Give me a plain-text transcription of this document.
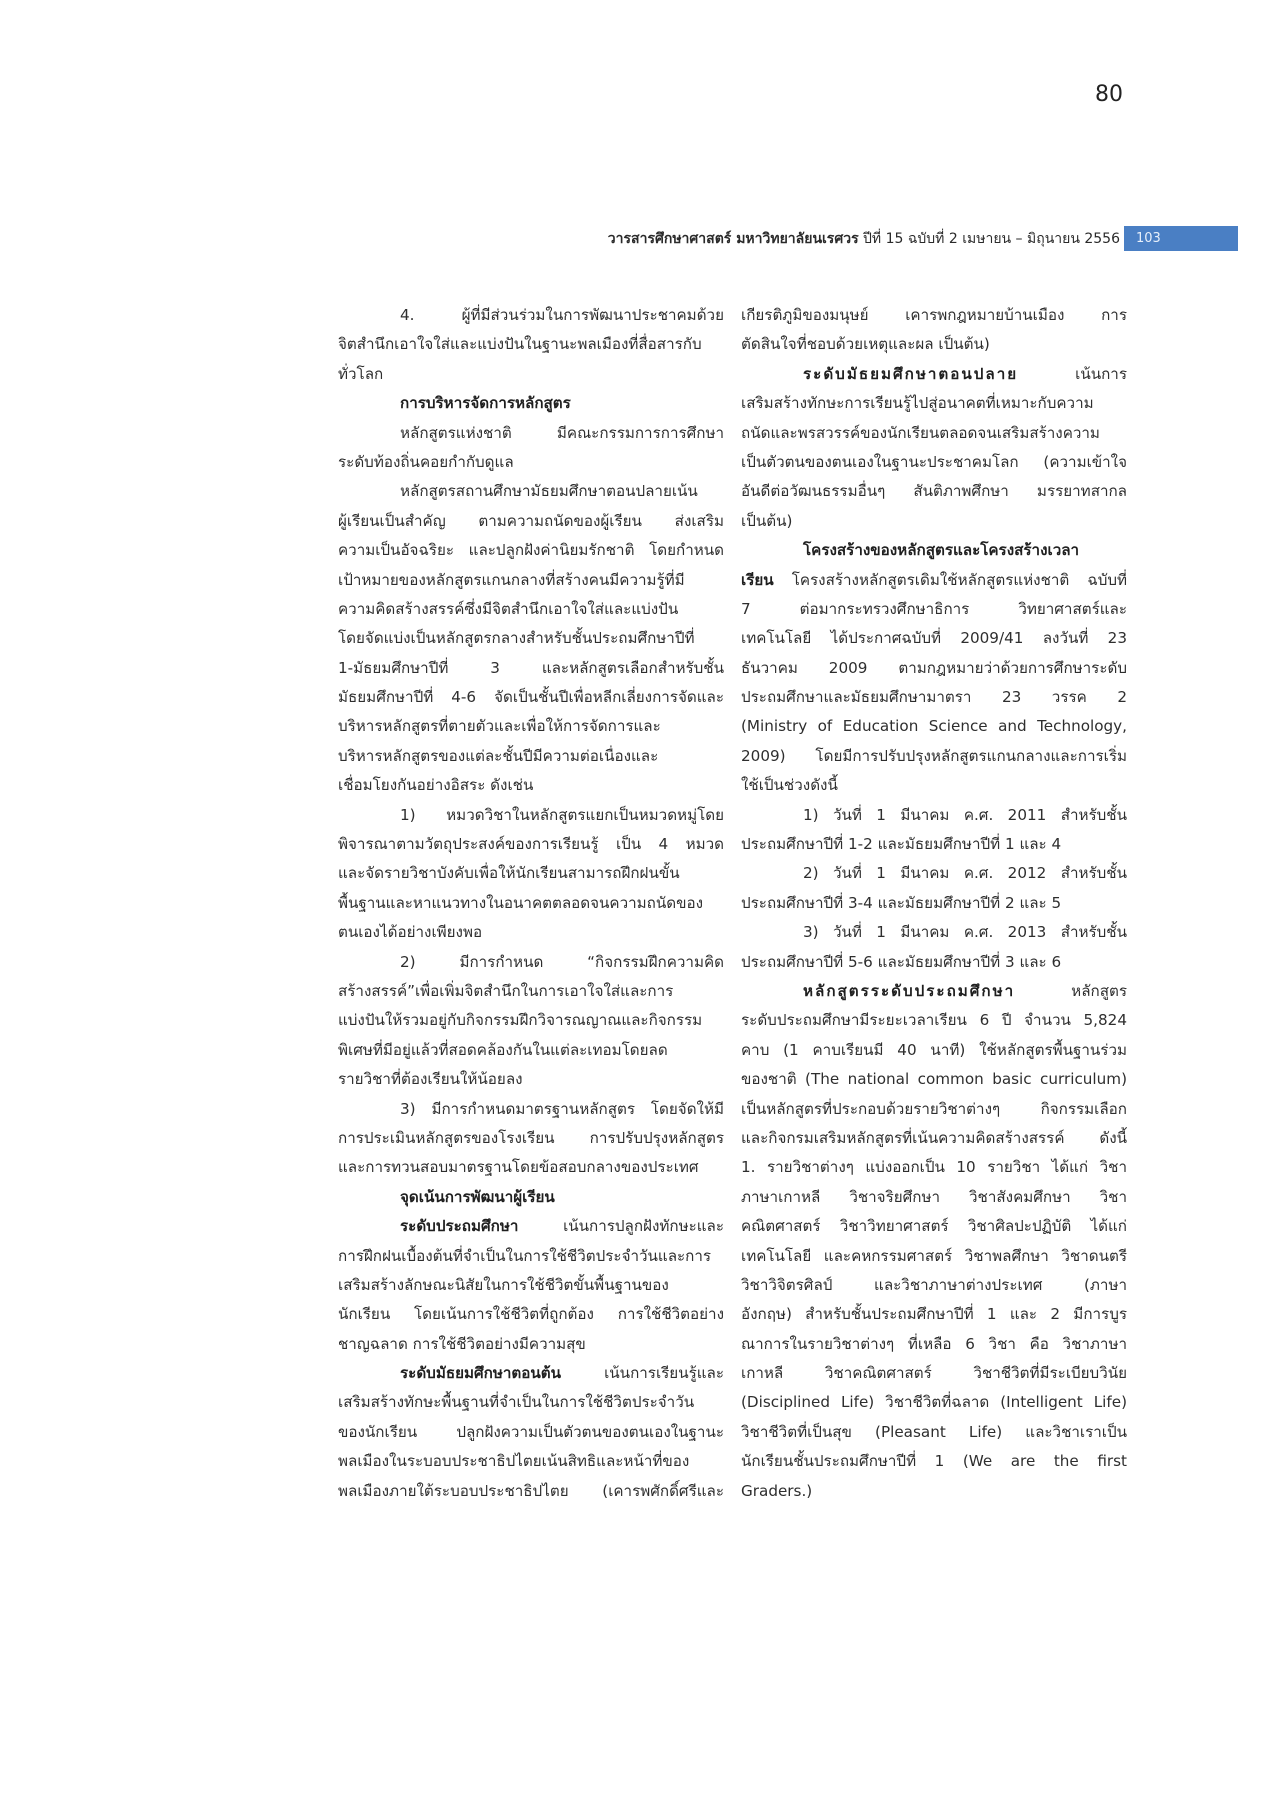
80
วารสารศึกษาศาสตร์ มหาวิทยาลัยนเรศวร ปีที่ 15 ฉบับที่ 2 เมษายน – มิถุนายน 2556	103
4. ผู้ที่มีส่วนร่วมในการพัฒนาประชาคมด้วย
จิตสำนึกเอาใจใส่และแบ่งปันในฐานะพลเมืองที่สื่อสารกับ
ทั่วโลก
การบริหารจัดการหลักสูตร
หลักสูตรแห่งชาติ มีคณะกรรมการการศึกษา
ระดับท้องถิ่นคอยกำกับดูแล
หลักสูตรสถานศึกษามัธยมศึกษาตอนปลายเน้น
ผู้เรียนเป็นสำคัญ ตามความถนัดของผู้เรียน ส่งเสริม
ความเป็นอัจฉริยะ และปลูกฝังค่านิยมรักชาติ โดยกำหนด
เป้าหมายของหลักสูตรแกนกลางที่สร้างคนมีความรู้ที่มี
ความคิดสร้างสรรค์ซึ่งมีจิตสำนึกเอาใจใส่และแบ่งปัน
โดยจัดแบ่งเป็นหลักสูตรกลางสำหรับชั้นประถมศึกษาปีที่
1-มัธยมศึกษาปีที่ 3 และหลักสูตรเลือกสำหรับชั้น
มัธยมศึกษาปีที่ 4-6 จัดเป็นชั้นปีเพื่อหลีกเลี่ยงการจัดและ
บริหารหลักสูตรที่ตายตัวและเพื่อให้การจัดการและ
บริหารหลักสูตรของแต่ละชั้นปีมีความต่อเนื่องและ
เชื่อมโยงกันอย่างอิสระ ดังเช่น
1) หมวดวิชาในหลักสูตรแยกเป็นหมวดหมู่โดย
พิจารณาตามวัตถุประสงค์ของการเรียนรู้ เป็น 4 หมวด
และจัดรายวิชาบังคับเพื่อให้นักเรียนสามารถฝึกฝนขั้น
พื้นฐานและหาแนวทางในอนาคตตลอดจนความถนัดของ
ตนเองได้อย่างเพียงพอ
2) มีการกำหนด “กิจกรรมฝึกความคิด
สร้างสรรค์”เพื่อเพิ่มจิตสำนึกในการเอาใจใส่และการ
แบ่งปันให้รวมอยู่กับกิจกรรมฝึกวิจารณญาณและกิจกรรม
พิเศษที่มีอยู่แล้วที่สอดคล้องกันในแต่ละเทอมโดยลด
รายวิชาที่ต้องเรียนให้น้อยลง
3) มีการกำหนดมาตรฐานหลักสูตร โดยจัดให้มี
การประเมินหลักสูตรของโรงเรียน การปรับปรุงหลักสูตร
และการทวนสอบมาตรฐานโดยข้อสอบกลางของประเทศ
จุดเน้นการพัฒนาผู้เรียน
ระดับประถมศึกษา เน้นการปลูกฝังทักษะและ
การฝึกฝนเบื้องต้นที่จำเป็นในการใช้ชีวิตประจำวันและการ
เสริมสร้างลักษณะนิสัยในการใช้ชีวิตขั้นพื้นฐานของ
นักเรียน โดยเน้นการใช้ชีวิตที่ถูกต้อง การใช้ชีวิตอย่าง
ชาญฉลาด การใช้ชีวิตอย่างมีความสุข
ระดับมัธยมศึกษาตอนต้น เน้นการเรียนรู้และ
เสริมสร้างทักษะพื้นฐานที่จำเป็นในการใช้ชีวิตประจำวัน
ของนักเรียน ปลูกฝังความเป็นตัวตนของตนเองในฐานะ
พลเมืองในระบอบประชาธิปไตยเน้นสิทธิและหน้าที่ของ
พลเมืองภายใต้ระบอบประชาธิปไตย (เคารพศักดิ์ศรีและ
เกียรติภูมิของมนุษย์ เคารพกฎหมายบ้านเมือง การ
ตัดสินใจที่ชอบด้วยเหตุและผล เป็นต้น)
ระดับมัธยมศึกษาตอนปลาย เน้นการ
เสริมสร้างทักษะการเรียนรู้ไปสู่อนาคตที่เหมาะกับความ
ถนัดและพรสวรรค์ของนักเรียนตลอดจนเสริมสร้างความ
เป็นตัวตนของตนเองในฐานะประชาคมโลก (ความเข้าใจ
อันดีต่อวัฒนธรรมอื่นๆ สันติภาพศึกษา มรรยาทสากล
เป็นต้น)
โครงสร้างของหลักสูตรและโครงสร้างเวลา
เรียน โครงสร้างหลักสูตรเดิมใช้หลักสูตรแห่งชาติ ฉบับที่
7 ต่อมากระทรวงศึกษาธิการ วิทยาศาสตร์และ
เทคโนโลยี ได้ประกาศฉบับที่ 2009/41 ลงวันที่ 23
ธันวาคม 2009 ตามกฎหมายว่าด้วยการศึกษาระดับ
ประถมศึกษาและมัธยมศึกษามาตรา 23 วรรค 2
(Ministry of Education Science and Technology,
2009) โดยมีการปรับปรุงหลักสูตรแกนกลางและการเริ่ม
ใช้เป็นช่วงดังนี้
1) วันที่ 1 มีนาคม ค.ศ. 2011 สำหรับชั้น
ประถมศึกษาปีที่ 1-2 และมัธยมศึกษาปีที่ 1 และ 4
2) วันที่ 1 มีนาคม ค.ศ. 2012 สำหรับชั้น
ประถมศึกษาปีที่ 3-4 และมัธยมศึกษาปีที่ 2 และ 5
3) วันที่ 1 มีนาคม ค.ศ. 2013 สำหรับชั้น
ประถมศึกษาปีที่ 5-6 และมัธยมศึกษาปีที่ 3 และ 6
หลักสูตรระดับประถมศึกษา หลักสูตร
ระดับประถมศึกษามีระยะเวลาเรียน 6 ปี จำนวน 5,824
คาบ (1 คาบเรียนมี 40 นาที) ใช้หลักสูตรพื้นฐานร่วม
ของชาติ (The national common basic curriculum)
เป็นหลักสูตรที่ประกอบด้วยรายวิชาต่างๆ กิจกรรมเลือก
และกิจกรมเสริมหลักสูตรที่เน้นความคิดสร้างสรรค์ ดังนี้
1. รายวิชาต่างๆ แบ่งออกเป็น 10 รายวิชา ได้แก่ วิชา
ภาษาเกาหลี วิชาจริยศึกษา วิชาสังคมศึกษา วิชา
คณิตศาสตร์ วิชาวิทยาศาสตร์ วิชาศิลปะปฏิบัติ ได้แก่
เทคโนโลยี และคหกรรมศาสตร์ วิชาพลศึกษา วิชาดนตรี
วิชาวิจิตรศิลป์ และวิชาภาษาต่างประเทศ (ภาษา
อังกฤษ) สำหรับชั้นประถมศึกษาปีที่ 1 และ 2 มีการบูร
ณาการในรายวิชาต่างๆ ที่เหลือ 6 วิชา คือ วิชาภาษา
เกาหลี วิชาคณิตศาสตร์ วิชาชีวิตที่มีระเบียบวินัย
(Disciplined Life) วิชาชีวิตที่ฉลาด (Intelligent Life)
วิชาชีวิตที่เป็นสุข (Pleasant Life) และวิชาเราเป็น
นักเรียนชั้นประถมศึกษาปีที่ 1 (We are the first
Graders.)
